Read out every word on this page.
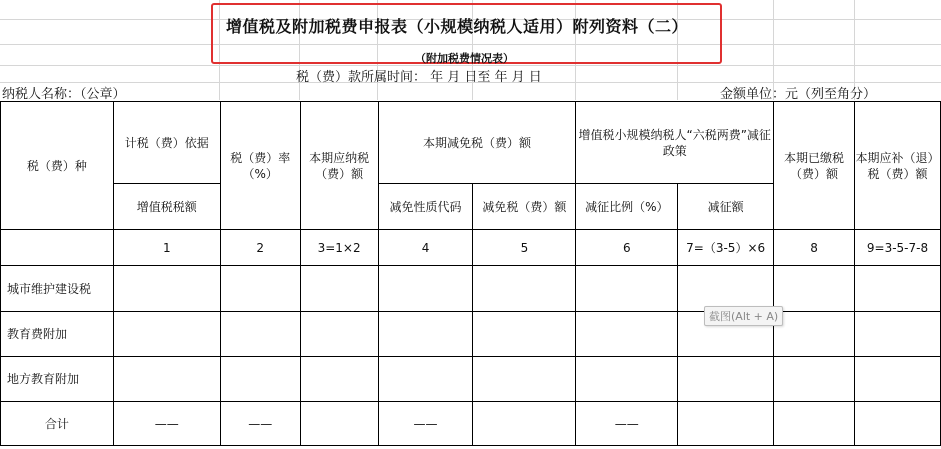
增值税及附加税费申报表（小规模纳税人适用）附列资料（二）
（附加税费情况表）
税（费）款所属时间： 年 月 日至 年 月 日
纳税人名称：（公章）	金额单位：元（列至角分）
税（费）种	计税（费）依据	税（费）率（%）	本期应纳税（费）额	本期减免税（费）额		增值税小规模纳税人“六税两费”减征政策		本期已缴税（费）额	本期应补（退）税（费）额
	增值税税额			减免性质代码	减免税（费）额	减征比例（%）	减征额		
	1	2	3=1×2	4	5	6	7=（3-5）×6	8	9=3-5-7-8
城市维护建设税									
教育费附加									
地方教育附加									
合计	——	——		——		——			
截图(Alt + A)
